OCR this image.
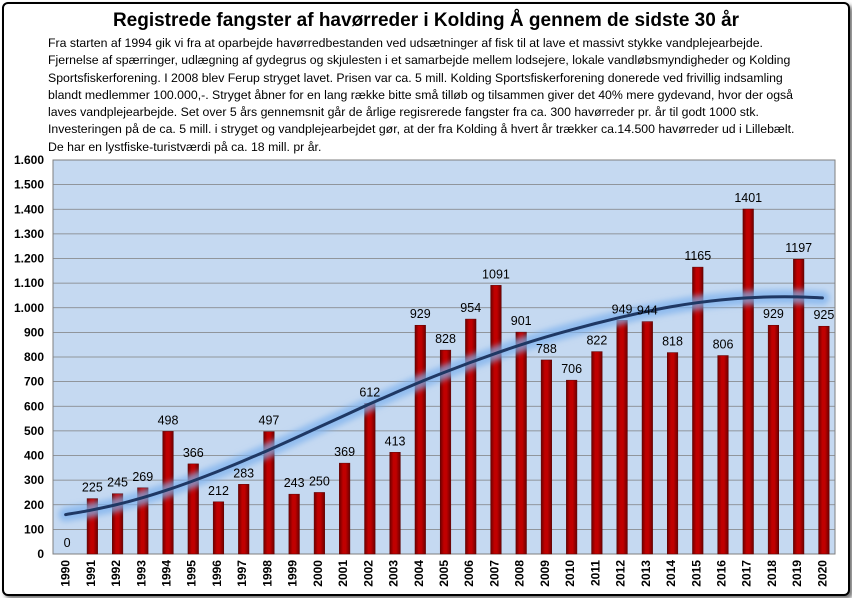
Registrede fangster af havørreder i Kolding Å gennem de sidste 30 år
Fra starten af 1994 gik vi fra at oparbejde havørredbestanden ved udsætninger af fisk til at lave et massivt stykke vandplejearbejde.
Fjernelse af spærringer, udlægning af gydegrus og skjulesten i et samarbejde mellem lodsejere, lokale vandløbsmyndigheder og Kolding
Sportsfiskerforening. I 2008 blev Ferup stryget lavet. Prisen var ca. 5 mill. Kolding Sportsfiskerforening donerede ved frivillig indsamling
blandt medlemmer 100.000,-. Stryget åbner for en lang række bitte små tilløb og tilsammen giver det 40% mere gydevand, hvor der også
laves vandplejearbejde. Set over 5 års gennemsnit går de årlige regisrerede fangster fra ca. 300 havørreder pr. år til godt 1000 stk.
Investeringen på de ca. 5 mill. i stryget og vandplejearbejdet gør, at der fra Kolding å hvert år trækker ca.14.500 havørreder ud i Lillebælt.
De har en lystfiske-turistværdi på ca. 18 mill. pr år.
0
100
200
300
400
500
600
700
800
900
1.000
1.100
1.200
1.300
1.400
1.500
1.600
0
225 245 269
498
366
212
283
497
243 250
369
612
413
929
828
954
1091
901
788
706
822
949 944
818
1165
806
1401
929
1197
925
1990 1991 1992 1993 1994 1995 1996 1997 1998 1999 2000 2001 2002 2003 2004 2005 2006 2007 2008 2009 2010 2011 2012 2013 2014 2015 2016 2017 2018 2019 2020
